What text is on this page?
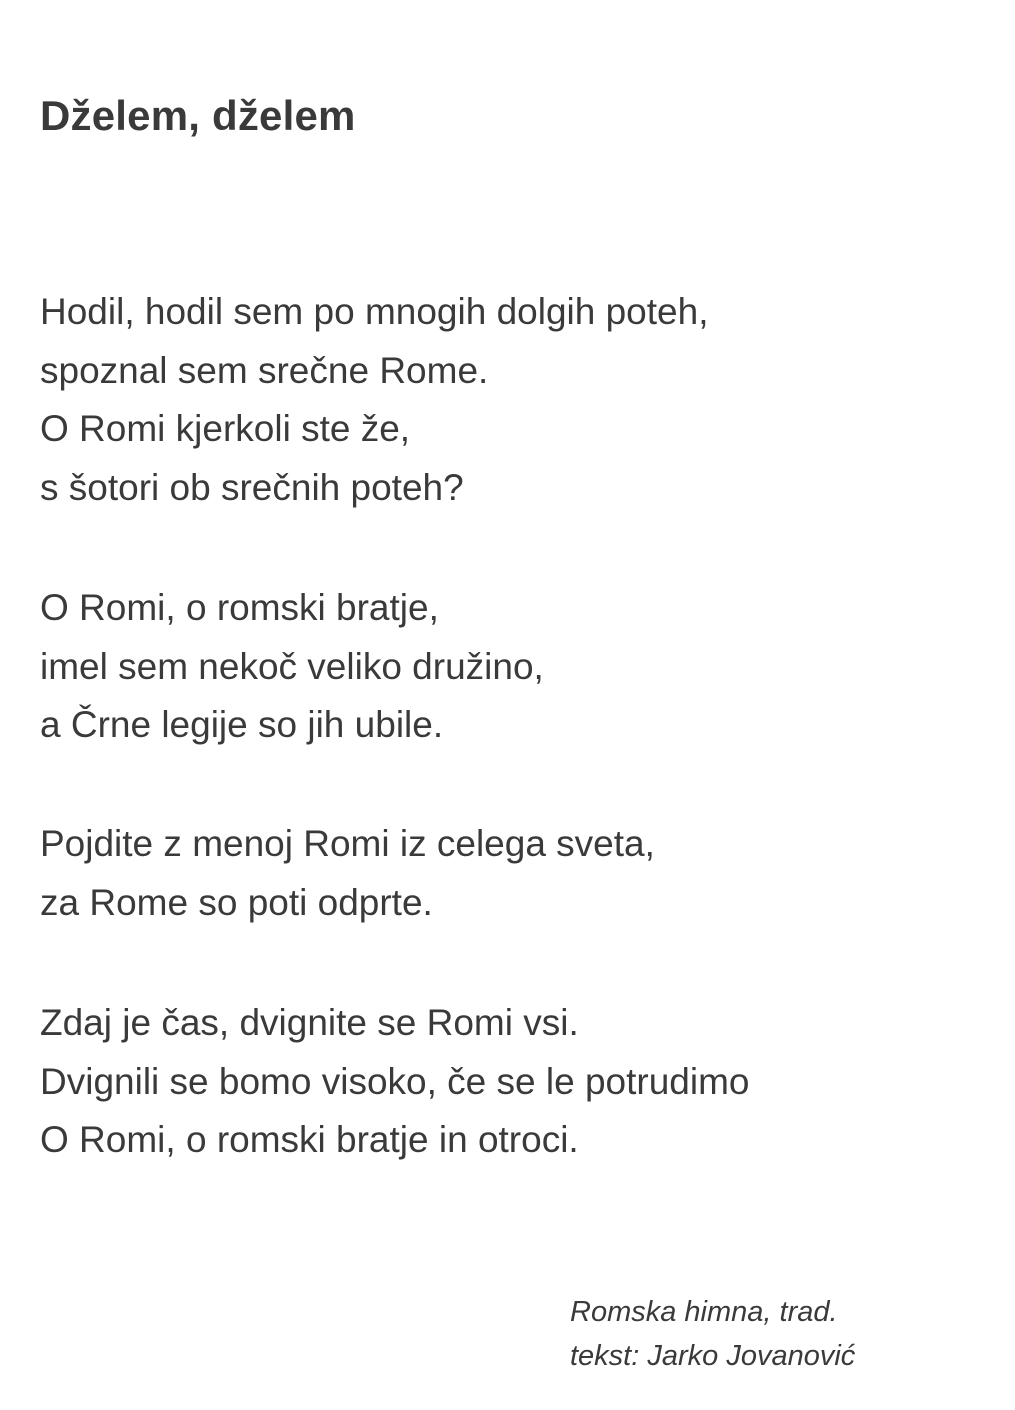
Dželem, dželem

Hodil, hodil sem po mnogih dolgih poteh,
spoznal sem srečne Rome.
O Romi kjerkoli ste že,
s šotori ob srečnih poteh?

O Romi, o romski bratje,
imel sem nekoč veliko družino,
a Črne legije so jih ubile.

Pojdite z menoj Romi iz celega sveta,
za Rome so poti odprte.

Zdaj je čas, dvignite se Romi vsi.
Dvignili se bomo visoko, če se le potrudimo
O Romi, o romski bratje in otroci.

Romska himna, trad.
tekst: Jarko Jovanović
